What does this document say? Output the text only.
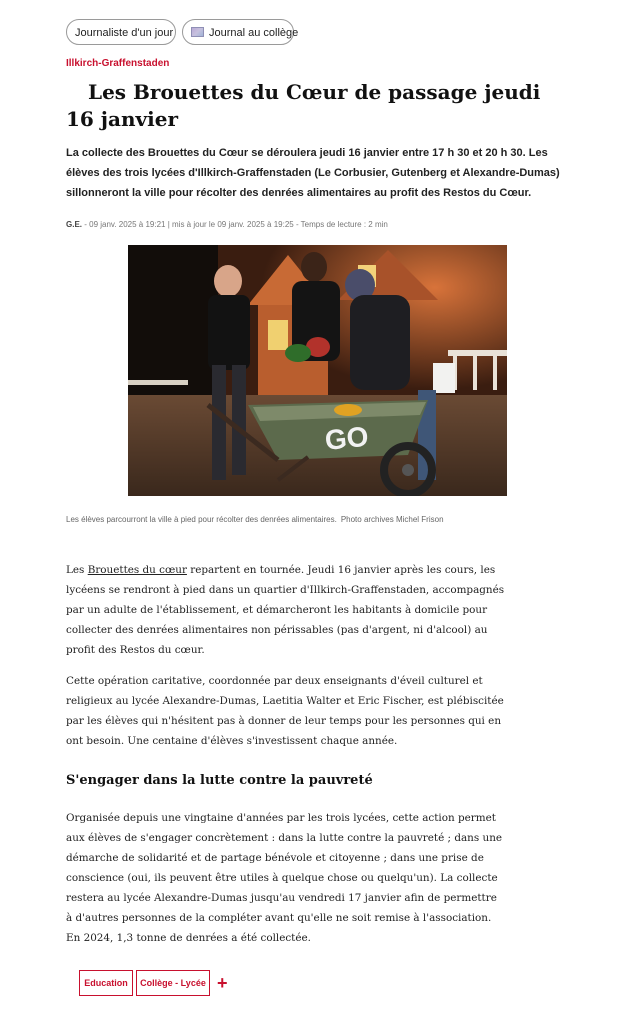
Journaliste d'un jour	Journal au collège
Illkirch-Graffenstaden
Les Brouettes du Cœur de passage jeudi 16 janvier

La collecte des Brouettes du Cœur se déroulera jeudi 16 janvier entre 17 h 30 et 20 h 30. Les élèves des trois lycées d'Illkirch-Graffenstaden (Le Corbusier, Gutenberg et Alexandre-Dumas) sillonneront la ville pour récolter des denrées alimentaires au profit des Restos du Cœur.

G.E. - 09 janv. 2025 à 19:21 | mis à jour le 09 janv. 2025 à 19:25 - Temps de lecture : 2 min
GO
Les élèves parcourront la ville à pied pour récolter des denrées alimentaires. Photo archives Michel Frison

Les Brouettes du cœur repartent en tournée. Jeudi 16 janvier après les cours, les lycéens se rendront à pied dans un quartier d'Illkirch-Graffenstaden, accompagnés par un adulte de l'établissement, et démarcheront les habitants à domicile pour collecter des denrées alimentaires non périssables (pas d'argent, ni d'alcool) au profit des Restos du cœur.

Cette opération caritative, coordonnée par deux enseignants d'éveil culturel et religieux au lycée Alexandre-Dumas, Laetitia Walter et Eric Fischer, est plébiscitée par les élèves qui n'hésitent pas à donner de leur temps pour les personnes qui en ont besoin. Une centaine d'élèves s'investissent chaque année.

S'engager dans la lutte contre la pauvreté

Organisée depuis une vingtaine d'années par les trois lycées, cette action permet aux élèves de s'engager concrètement : dans la lutte contre la pauvreté ; dans une démarche de solidarité et de partage bénévole et citoyenne ; dans une prise de conscience (oui, ils peuvent être utiles à quelque chose ou quelqu'un). La collecte restera au lycée Alexandre-Dumas jusqu'au vendredi 17 janvier afin de permettre à d'autres personnes de la compléter avant qu'elle ne soit remise à l'association. En 2024, 1,3 tonne de denrées a été collectée.

Education	Collège - Lycée +
